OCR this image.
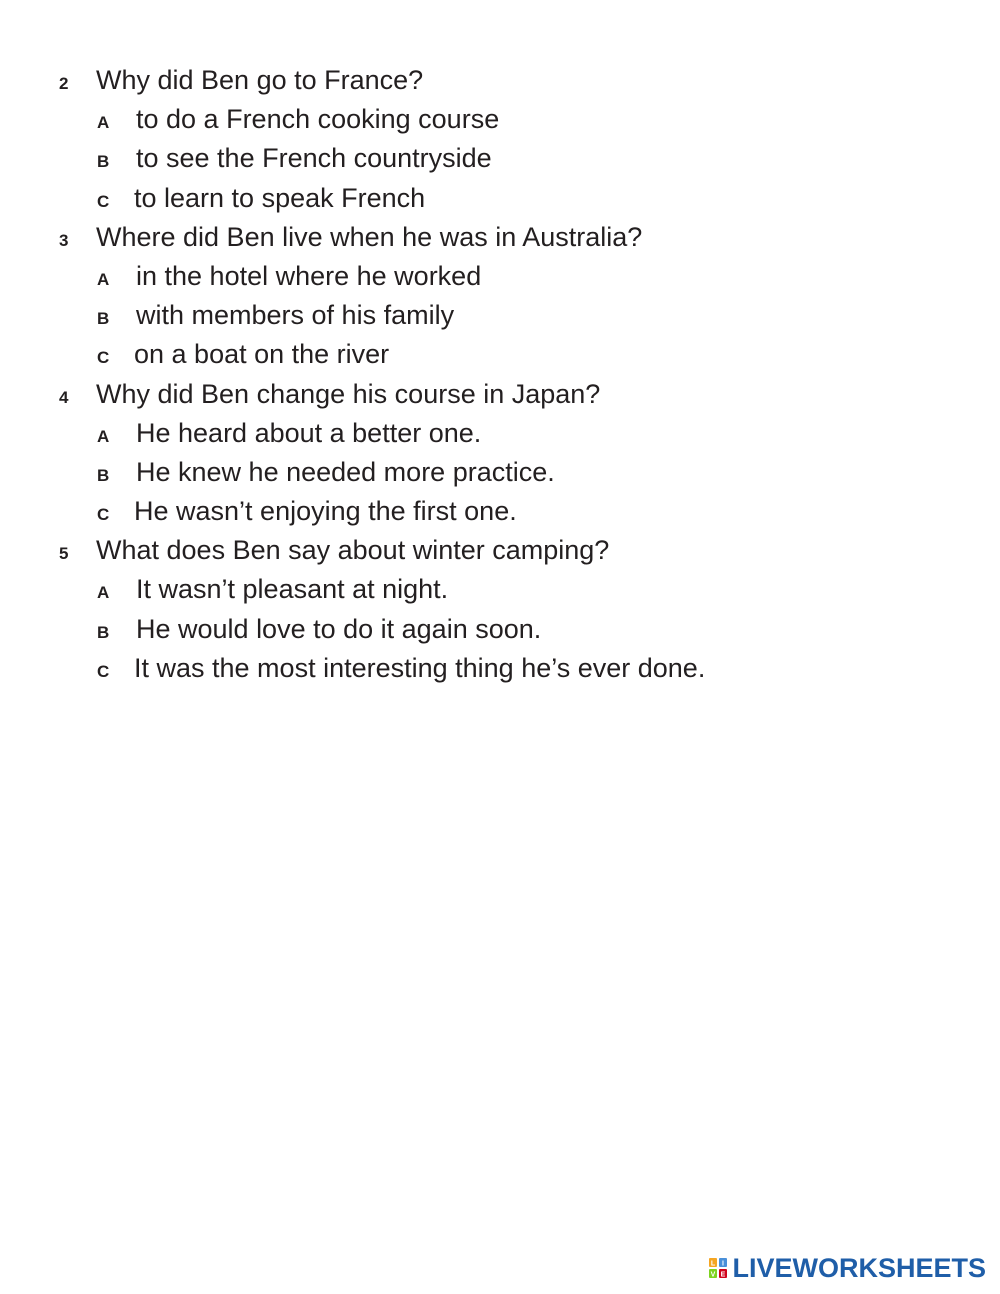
2	Why did Ben go to France?
A to do a French cooking course
B to see the French countryside
C to learn to speak French
3	Where did Ben live when he was in Australia?
A in the hotel where he worked
B with members of his family
C on a boat on the river
4	Why did Ben change his course in Japan?
A He heard about a better one.
B He knew he needed more practice.
C He wasn’t enjoying the first one.
5	What does Ben say about winter camping?
A It wasn’t pleasant at night.
B He would love to do it again soon.
C It was the most interesting thing he’s ever done.
L I
V E LIVEWORKSHEETS
